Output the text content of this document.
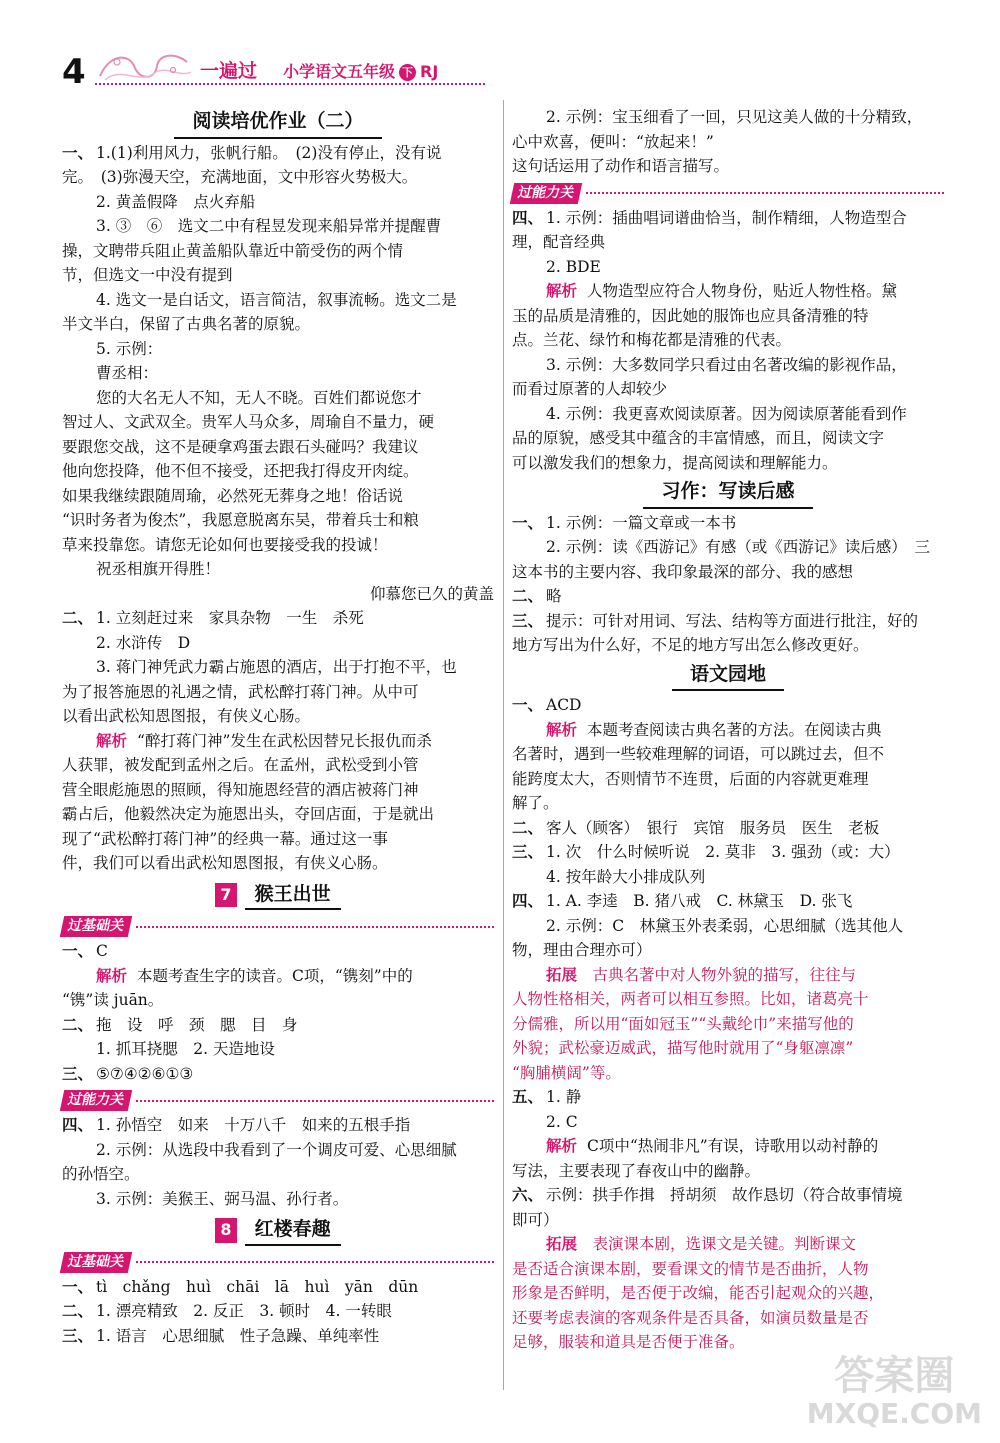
4	一遍过 小学语文五年级 下 RJ
阅读培优作业（二）

一、 1.(1)利用风力，张帆行船。　(2)没有停止，没有说

完。　(3)弥漫天空，充满地面，文中形容火势极大。

2. 黄盖假降　点火弃船

3. ③　⑥　选文二中有程昱发现来船异常并提醒曹

操，文聘带兵阻止黄盖船队靠近中箭受伤的两个情

节，但选文一中没有提到

4. 选文一是白话文，语言简洁，叙事流畅。选文二是

半文半白，保留了古典名著的原貌。

5. 示例：

曹丞相：

您的大名无人不知，无人不晓。百姓们都说您才

智过人、文武双全。贵军人马众多，周瑜自不量力，硬

要跟您交战，这不是硬拿鸡蛋去跟石头碰吗？我建议

他向您投降，他不但不接受，还把我打得皮开肉绽。

如果我继续跟随周瑜，必然死无葬身之地！俗话说

“识时务者为俊杰”，我愿意脱离东吴，带着兵士和粮

草来投靠您。请您无论如何也要接受我的投诚！

祝丞相旗开得胜！

仰慕您已久的黄盖

二、 1. 立刻赶过来　家具杂物　一生　杀死

2. 水浒传　D

3. 蒋门神凭武力霸占施恩的酒店，出于打抱不平，也

为了报答施恩的礼遇之情，武松醉打蒋门神。从中可

以看出武松知恩图报，有侠义心肠。

解析 “醉打蒋门神”发生在武松因替兄长报仇而杀

人获罪，被发配到孟州之后。在孟州，武松受到小管

营全眼彪施恩的照顾，得知施恩经营的酒店被蒋门神

霸占后，他毅然决定为施恩出头，夺回店面，于是就出

现了“武松醉打蒋门神”的经典一幕。通过这一事

件，我们可以看出武松知恩图报，有侠义心肠。

7 猴王出世
过基础关

一、 C

解析 本题考查生字的读音。C项，“镌刻”中的

“镌”读 juān。

二、 拖　设　呼　颈　腮　目　身

1. 抓耳挠腮　2. 天造地设

三、 ⑤⑦④②⑥①③

过能力关

四、 1. 孙悟空　如来　十万八千　如来的五根手指

2. 示例：从选段中我看到了一个调皮可爱、心思细腻

的孙悟空。

3. 示例：美猴王、弼马温、孙行者。

8 红楼春趣
过基础关

一、 tì　chǎng　huì　chāi　lā　huì　yān　dūn

二、 1. 漂亮精致　2. 反正　3. 顿时　4. 一转眼

三、 1. 语言　心思细腻　性子急躁、单纯率性

2. 示例：宝玉细看了一回，只见这美人做的十分精致，

心中欢喜，便叫：“放起来！”

这句话运用了动作和语言描写。

过能力关

四、 1. 示例：插曲唱词谱曲恰当，制作精细，人物造型合

理，配音经典

2. BDE

解析 人物造型应符合人物身份，贴近人物性格。黛

玉的品质是清雅的，因此她的服饰也应具备清雅的特

点。兰花、绿竹和梅花都是清雅的代表。

3. 示例：大多数同学只看过由名著改编的影视作品，

而看过原著的人却较少

4. 示例：我更喜欢阅读原著。因为阅读原著能看到作

品的原貌，感受其中蕴含的丰富情感，而且，阅读文字

可以激发我们的想象力，提高阅读和理解能力。

习作：写读后感

一、 1. 示例：一篇文章或一本书

2. 示例：读《西游记》有感（或《西游记》读后感）　三

这本书的主要内容、我印象最深的部分、我的感想

二、 略

三、 提示：可针对用词、写法、结构等方面进行批注，好的

地方写出为什么好，不足的地方写出怎么修改更好。

语文园地

一、 ACD

解析 本题考查阅读古典名著的方法。在阅读古典

名著时，遇到一些较难理解的词语，可以跳过去，但不

能跨度太大，否则情节不连贯，后面的内容就更难理

解了。

二、 客人（顾客）　银行　宾馆　服务员　医生　老板

三、 1. 次　什么时候听说　2. 莫非　3. 强劲（或：大）

4. 按年龄大小排成队列

四、 1. A. 李逵　B. 猪八戒　C. 林黛玉　D. 张飞

2. 示例：C　林黛玉外表柔弱，心思细腻（选其他人

物，理由合理亦可）

拓展　 古典名著中对人物外貌的描写，往往与

人物性格相关，两者可以相互参照。比如，诸葛亮十

分儒雅，所以用“面如冠玉”“头戴纶巾”来描写他的

外貌；武松豪迈威武，描写他时就用了“身躯凛凛”

“胸脯横阔”等。

五、 1. 静

2. C

解析 C项中“热闹非凡”有误，诗歌用以动衬静的

写法，主要表现了春夜山中的幽静。

六、 示例：拱手作揖　捋胡须　故作恳切（符合故事情境

即可）

拓展　 表演课本剧，选课文是关键。判断课文

是否适合演课本剧，要看课文的情节是否曲折，人物

形象是否鲜明，是否便于改编，能否引起观众的兴趣，

还要考虑表演的客观条件是否具备，如演员数量是否

足够，服装和道具是否便于准备。

答案圈
MXQE.COM
